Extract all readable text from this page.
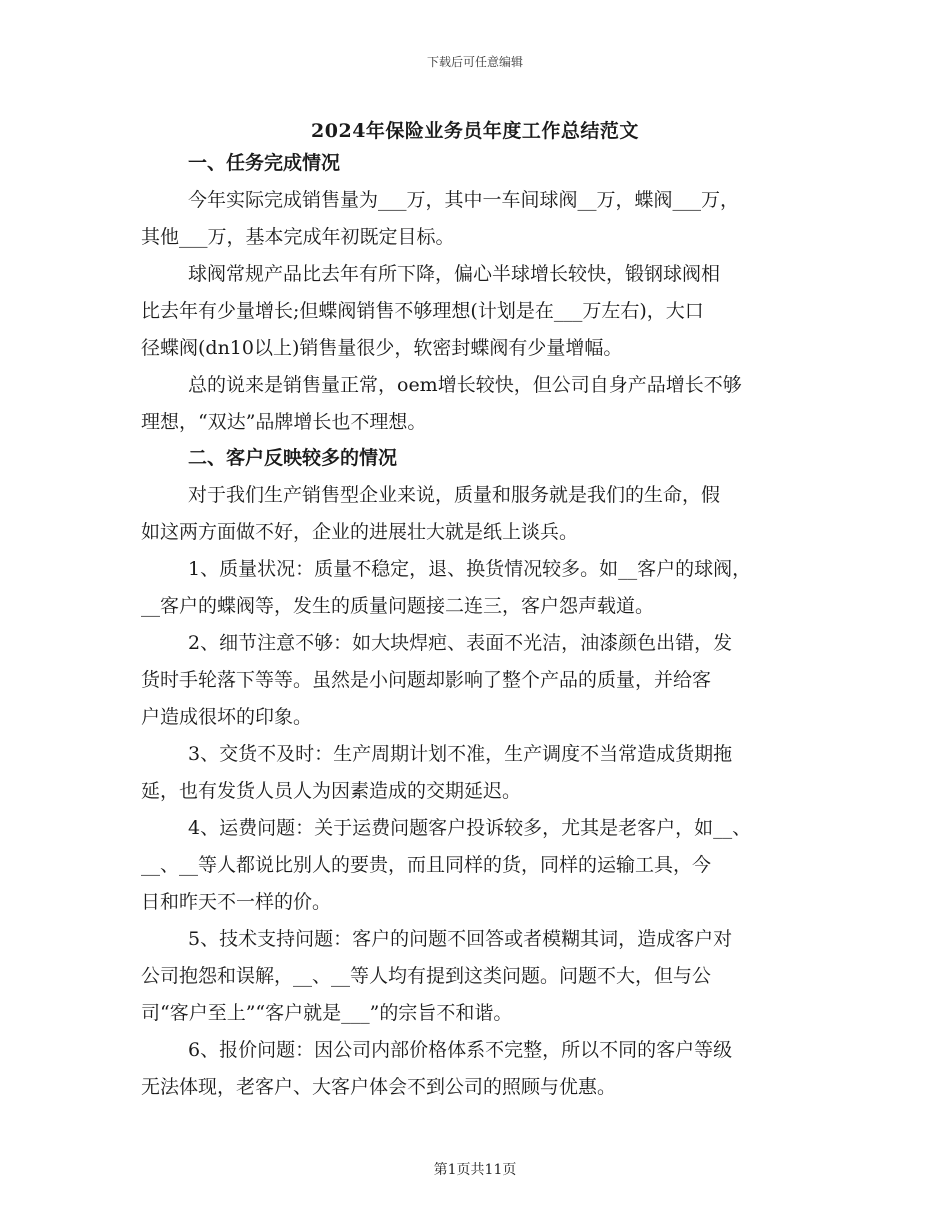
下载后可任意编辑
2024年保险业务员年度工作总结范文
一、任务完成情况

今年实际完成销售量为___万，其中一车间球阀__万，蝶阀___万，
其他___万，基本完成年初既定目标。

球阀常规产品比去年有所下降，偏心半球增长较快，锻钢球阀相
比去年有少量增长;但蝶阀销售不够理想(计划是在___万左右)，大口
径蝶阀(dn10以上)销售量很少，软密封蝶阀有少量增幅。

总的说来是销售量正常，oem增长较快，但公司自身产品增长不够
理想，“双达”品牌增长也不理想。

二、客户反映较多的情况

对于我们生产销售型企业来说，质量和服务就是我们的生命，假
如这两方面做不好，企业的进展壮大就是纸上谈兵。

1、质量状况：质量不稳定，退、换货情况较多。如__客户的球阀，
__客户的蝶阀等，发生的质量问题接二连三，客户怨声载道。

2、细节注意不够：如大块焊疤、表面不光洁，油漆颜色出错，发
货时手轮落下等等。虽然是小问题却影响了整个产品的质量，并给客
户造成很坏的印象。

3、交货不及时：生产周期计划不准，生产调度不当常造成货期拖
延，也有发货人员人为因素造成的交期延迟。

4、运费问题：关于运费问题客户投诉较多，尤其是老客户，如__、
__、__等人都说比别人的要贵，而且同样的货，同样的运输工具，今
日和昨天不一样的价。

5、技术支持问题：客户的问题不回答或者模糊其词，造成客户对
公司抱怨和误解，__、__等人均有提到这类问题。问题不大，但与公
司“客户至上”“客户就是___”的宗旨不和谐。

6、报价问题：因公司内部价格体系不完整，所以不同的客户等级
无法体现，老客户、大客户体会不到公司的照顾与优惠。

第1页共11页
